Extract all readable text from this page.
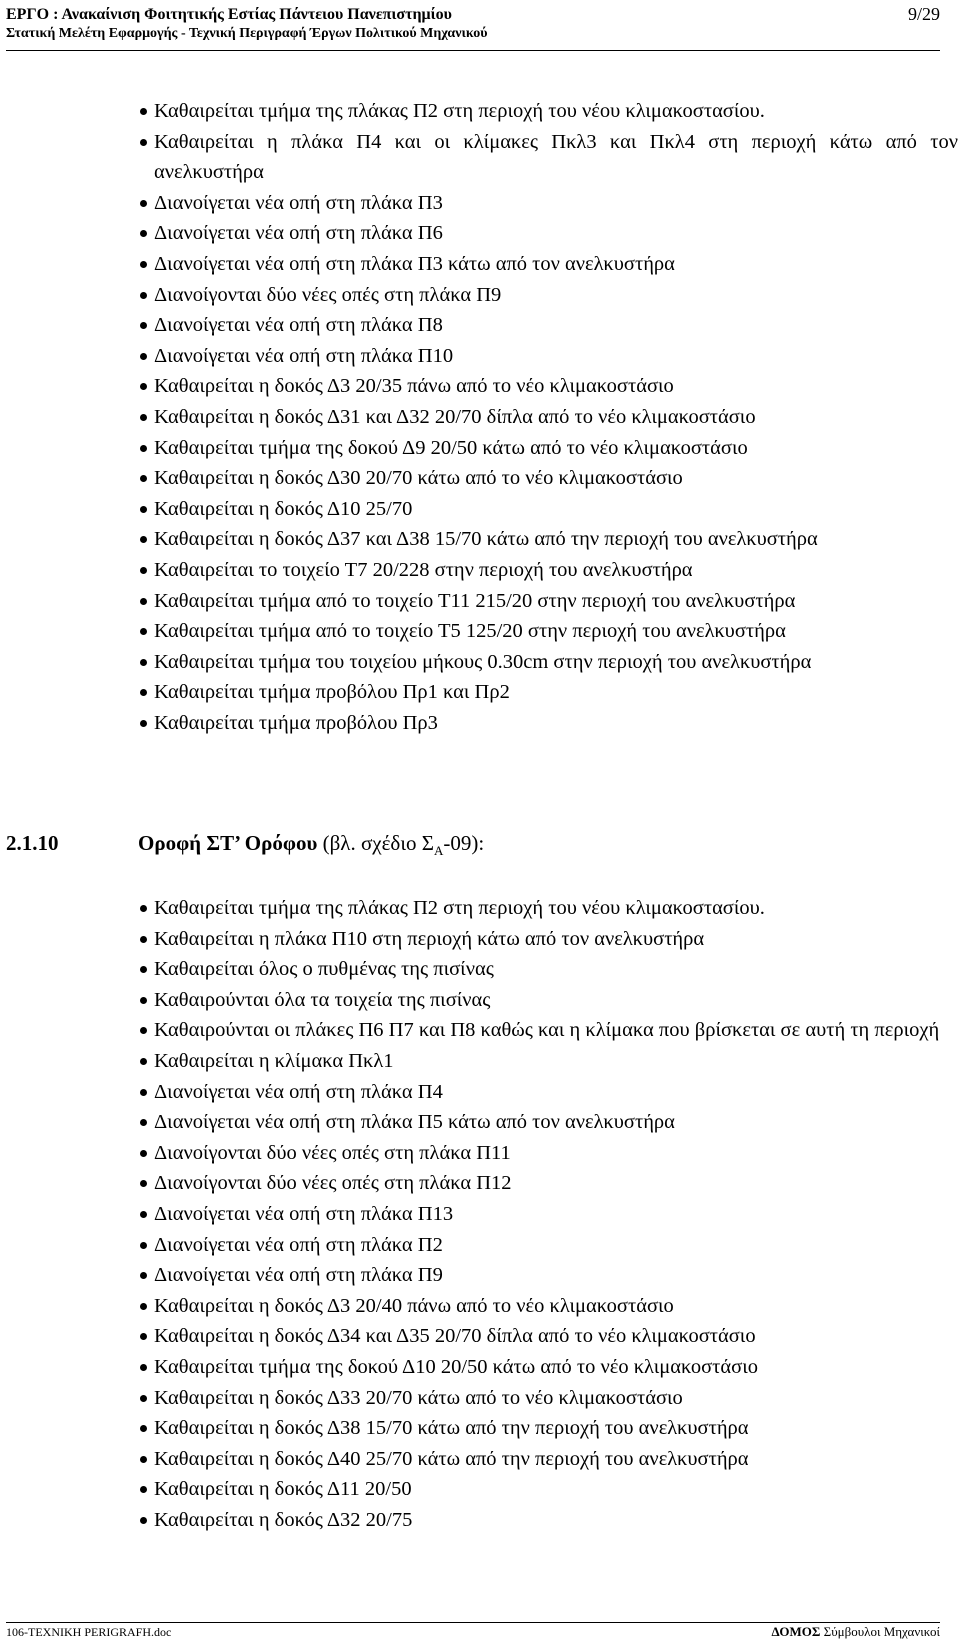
ΕΡΓΟ : Ανακαίνιση Φοιτητικής Εστίας Πάντειου Πανεπιστημίου	9/29
Στατική Μελέτη Εφαρμογής - Τεχνική Περιγραφή Έργων Πολιτικού Μηχανικού
Καθαιρείται τμήμα της πλάκας Π2 στη περιοχή του νέου κλιμακοστασίου.
Καθαιρείται η πλάκα Π4 και οι κλίμακες Πκλ3 και Πκλ4 στη περιοχή κάτω από τον ανελκυστήρα
Διανοίγεται νέα οπή στη πλάκα Π3
Διανοίγεται νέα οπή στη πλάκα Π6
Διανοίγεται νέα οπή στη πλάκα Π3 κάτω από τον ανελκυστήρα
Διανοίγονται δύο νέες οπές στη πλάκα Π9
Διανοίγεται νέα οπή στη πλάκα Π8
Διανοίγεται νέα οπή στη πλάκα Π10
Καθαιρείται η δοκός Δ3 20/35 πάνω από το νέο κλιμακοστάσιο
Καθαιρείται η δοκός Δ31 και Δ32 20/70 δίπλα από το νέο κλιμακοστάσιο
Καθαιρείται τμήμα της δοκού Δ9 20/50 κάτω από το νέο κλιμακοστάσιο
Καθαιρείται η δοκός Δ30 20/70 κάτω από το νέο κλιμακοστάσιο
Καθαιρείται η δοκός Δ10 25/70
Καθαιρείται η δοκός Δ37 και Δ38 15/70 κάτω από την περιοχή του ανελκυστήρα
Καθαιρείται το τοιχείο Τ7 20/228 στην περιοχή του ανελκυστήρα
Καθαιρείται τμήμα από το τοιχείο Τ11 215/20 στην περιοχή του ανελκυστήρα
Καθαιρείται τμήμα από το τοιχείο Τ5 125/20 στην περιοχή του ανελκυστήρα
Καθαιρείται τμήμα του τοιχείου μήκους 0.30cm στην περιοχή του ανελκυστήρα
Καθαιρείται τμήμα προβόλου Πρ1 και Πρ2
Καθαιρείται τμήμα προβόλου Πρ3
2.1.10	Οροφή ΣΤ’ Ορόφου (βλ. σχέδιο $\Sigma_A-09$):
Καθαιρείται τμήμα της πλάκας Π2 στη περιοχή του νέου κλιμακοστασίου.
Καθαιρείται η πλάκα Π10 στη περιοχή κάτω από τον ανελκυστήρα
Καθαιρείται όλος ο πυθμένας της πισίνας
Καθαιρούνται όλα τα τοιχεία της πισίνας
Καθαιρούνται οι πλάκες Π6 Π7 και Π8 καθώς και η κλίμακα που βρίσκεται σε αυτή τη περιοχή
Καθαιρείται η κλίμακα Πκλ1
Διανοίγεται νέα οπή στη πλάκα Π4
Διανοίγεται νέα οπή στη πλάκα Π5 κάτω από τον ανελκυστήρα
Διανοίγονται δύο νέες οπές στη πλάκα Π11
Διανοίγονται δύο νέες οπές στη πλάκα Π12
Διανοίγεται νέα οπή στη πλάκα Π13
Διανοίγεται νέα οπή στη πλάκα Π2
Διανοίγεται νέα οπή στη πλάκα Π9
Καθαιρείται η δοκός Δ3 20/40 πάνω από το νέο κλιμακοστάσιο
Καθαιρείται η δοκός Δ34 και Δ35 20/70 δίπλα από το νέο κλιμακοστάσιο
Καθαιρείται τμήμα της δοκού Δ10 20/50 κάτω από το νέο κλιμακοστάσιο
Καθαιρείται η δοκός Δ33 20/70 κάτω από το νέο κλιμακοστάσιο
Καθαιρείται η δοκός Δ38 15/70 κάτω από την περιοχή του ανελκυστήρα
Καθαιρείται η δοκός Δ40 25/70 κάτω από την περιοχή του ανελκυστήρα
Καθαιρείται η δοκός Δ11 20/50
Καθαιρείται η δοκός Δ32 20/75
106-ΤΕΧΝΙΚΗ PERIGRAFH.doc	ΔΟΜΟΣ Σύμβουλοι Μηχανικοί
